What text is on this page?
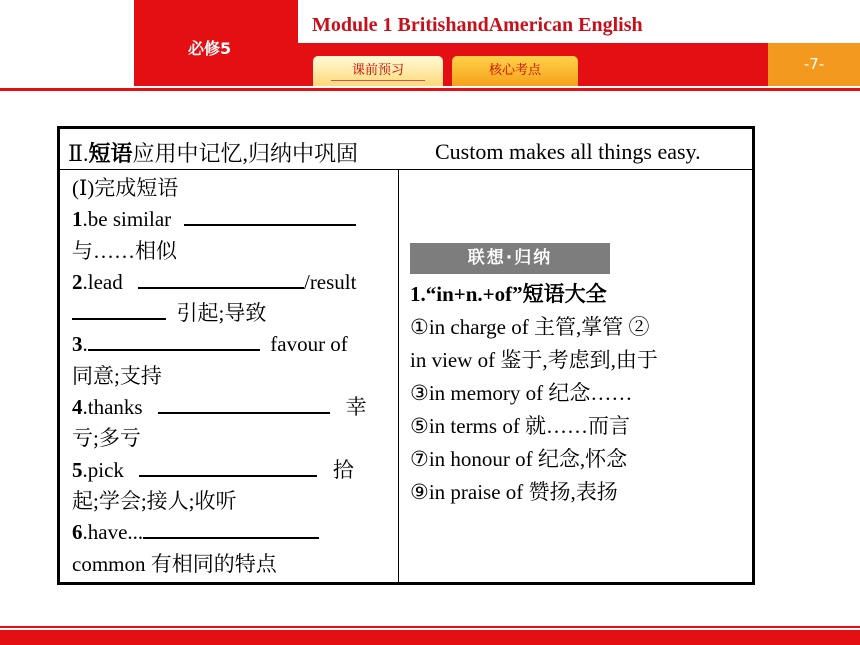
必修5
Module 1 BritishandAmerican English
-7-
课前预习	核心考点
Ⅱ.短语应用中记忆,归纳中巩固	Custom makes all things easy.
(Ⅰ)完成短语
1.be similar
与……相似
2.lead	/result
引起;导致
3.	favour of
同意;支持
4.thanks	幸
亏;多亏
5.pick	拾
起;学会;接人;收听
6.have...
common 有相同的特点
联想·归纳
1.“in+n.+of”短语大全
①in charge of 主管,掌管 ②
in view of 鉴于,考虑到,由于
③in memory of 纪念……
⑤in terms of 就……而言
⑦in honour of 纪念,怀念
⑨in praise of 赞扬,表扬
